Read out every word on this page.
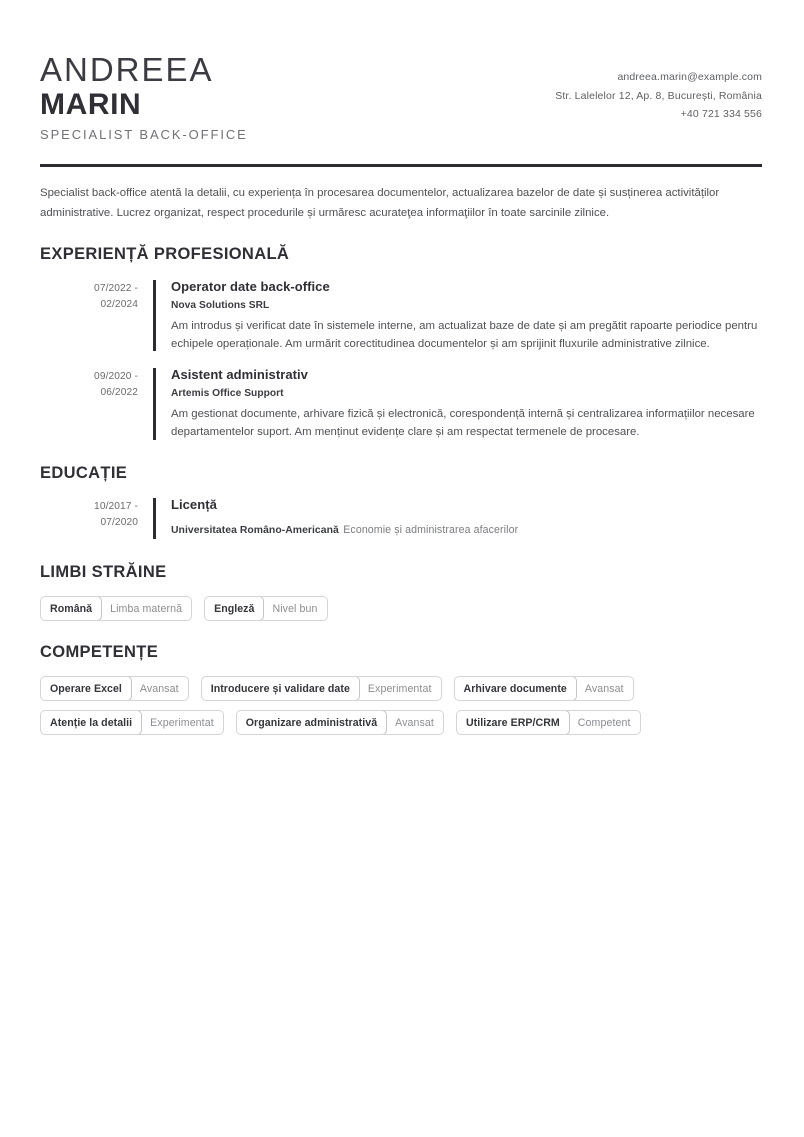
ANDREEA
MARIN
SPECIALIST BACK-OFFICE
andreea.marin@example.com
Str. Lalelelor 12, Ap. 8, București, România
+40 721 334 556
Specialist back-office atentă la detalii, cu experiența în procesarea documentelor, actualizarea bazelor de date și susținerea activităților administrative. Lucrez organizat, respect procedurile și urmăresc acurateţea informaţiilor în toate sarcinile zilnice.
EXPERIENȚĂ PROFESIONALĂ
07/2022 -
02/2024
Operator date back-office
Nova Solutions SRL
Am introdus și verificat date în sistemele interne, am actualizat baze de date și am pregătit rapoarte periodice pentru echipele operaționale. Am urmărit corectitudinea documentelor și am sprijinit fluxurile administrative zilnice.
09/2020 -
06/2022
Asistent administrativ
Artemis Office Support
Am gestionat documente, arhivare fizică și electronică, corespondență internă și centralizarea informațiilor necesare departamentelor suport. Am menținut evidențe clare și am respectat termenele de procesare.
EDUCAȚIE
10/2017 -
07/2020
Licență
Universitatea Româno-Americană Economie și administrarea afacerilor
LIMBI STRĂINE
Română	Limba maternă	Engleză	Nivel bun
COMPETENȚE
Operare Excel	Avansat	Introducere și validare date	Experimentat	Arhivare documente	Avansat
Atenție la detalii	Experimentat	Organizare administrativă	Avansat	Utilizare ERP/CRM	Competent
